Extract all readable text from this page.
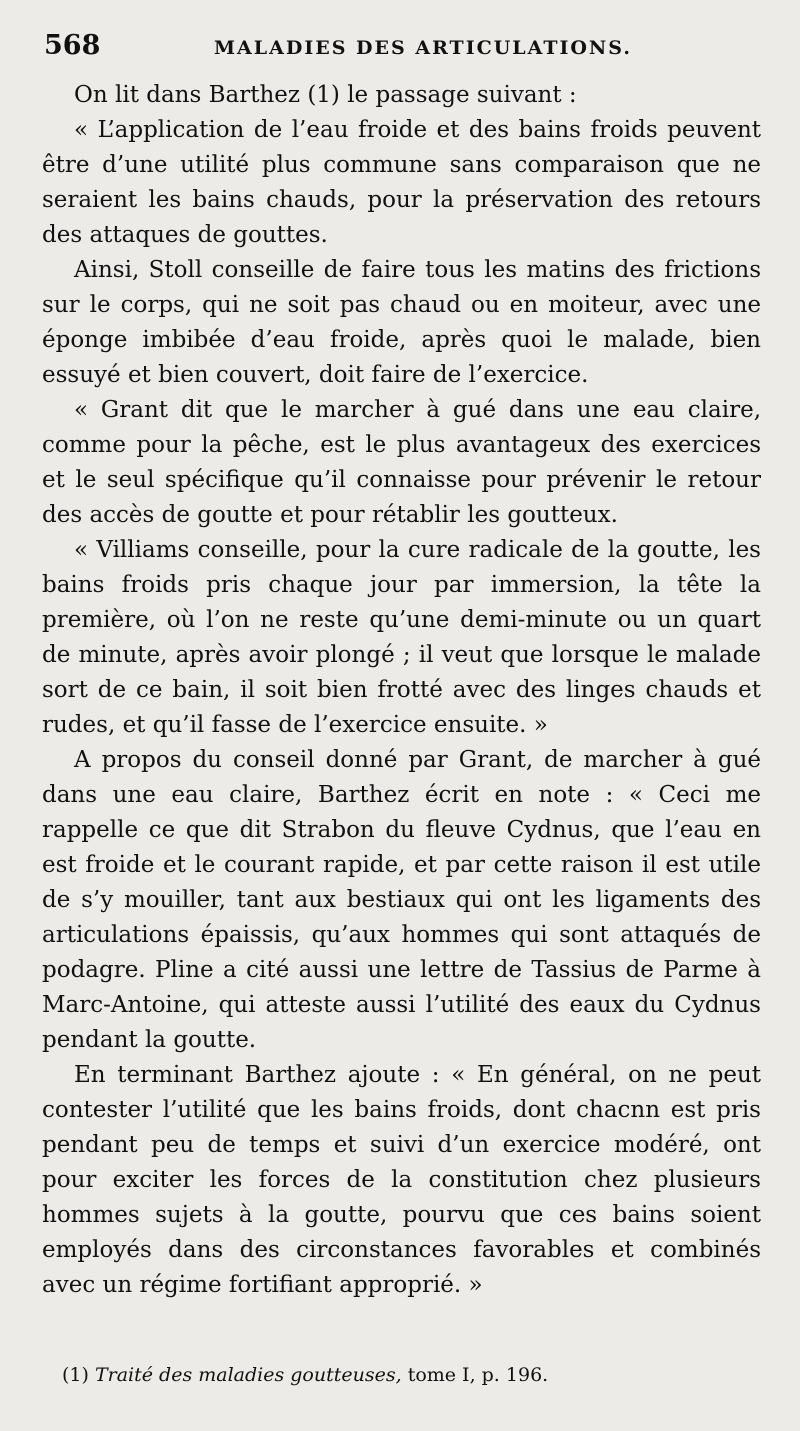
568	MALADIES DES ARTICULATIONS.

On lit dans Barthez (1) le passage suivant :

« L’application de l’eau froide et des bains froids peuvent être d’une utilité plus commune sans comparaison que ne seraient les bains chauds, pour la préservation des retours des attaques de gouttes.

Ainsi, Stoll conseille de faire tous les matins des frictions sur le corps, qui ne soit pas chaud ou en moiteur, avec une éponge imbibée d’eau froide, après quoi le malade, bien essuyé et bien couvert, doit faire de l’exercice.

« Grant dit que le marcher à gué dans une eau claire, comme pour la pêche, est le plus avantageux des exercices et le seul spécifique qu’il connaisse pour prévenir le retour des accès de goutte et pour rétablir les goutteux.

« Villiams conseille, pour la cure radicale de la goutte, les bains froids pris chaque jour par immersion, la tête la première, où l’on ne reste qu’une demi-minute ou un quart de minute, après avoir plongé ; il veut que lorsque le malade sort de ce bain, il soit bien frotté avec des linges chauds et rudes, et qu’il fasse de l’exercice ensuite. »

A propos du conseil donné par Grant, de marcher à gué dans une eau claire, Barthez écrit en note : « Ceci me rappelle ce que dit Strabon du fleuve Cydnus, que l’eau en est froide et le courant rapide, et par cette raison il est utile de s’y mouiller, tant aux bestiaux qui ont les ligaments des articulations épaissis, qu’aux hommes qui sont attaqués de podagre. Pline a cité aussi une lettre de Tassius de Parme à Marc-Antoine, qui atteste aussi l’utilité des eaux du Cydnus pendant la goutte.

En terminant Barthez ajoute : « En général, on ne peut contester l’utilité que les bains froids, dont chacnn est pris pendant peu de temps et suivi d’un exercice modéré, ont pour exciter les forces de la constitution chez plusieurs hommes sujets à la goutte, pourvu que ces bains soient employés dans des circonstances favorables et combinés avec un régime fortifiant approprié. »

(1) Traité des maladies goutteuses, tome I, p. 196.
